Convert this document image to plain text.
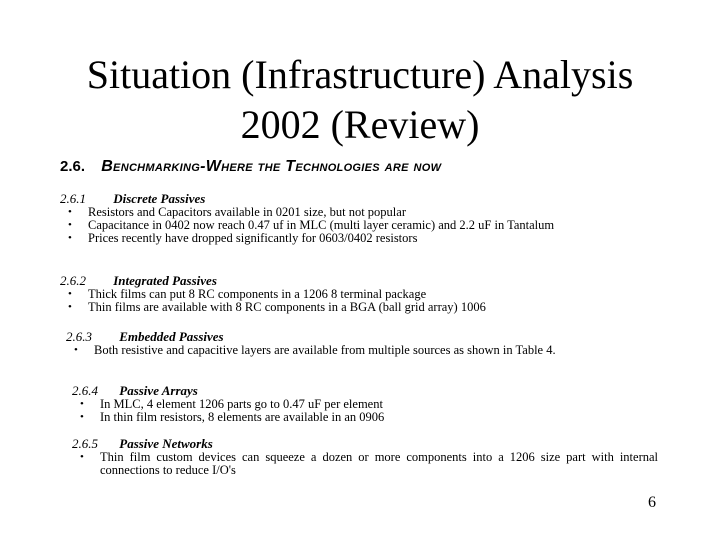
Situation (Infrastructure) Analysis
2002 (Review)
2.6. Benchmarking-Where the Technologies are now
2.6.1 Discrete Passives
• Resistors and Capacitors available in 0201 size, but not popular
• Capacitance in 0402 now reach 0.47 uf in MLC (multi layer ceramic) and 2.2 uF in Tantalum
• Prices recently have dropped significantly for 0603/0402 resistors
2.6.2 Integrated Passives
• Thick films can put 8 RC components in a 1206 8 terminal package
• Thin films are available with 8 RC components in a BGA (ball grid array) 1006
2.6.3 Embedded Passives
• Both resistive and capacitive layers are available from multiple sources as shown in Table 4.
2.6.4 Passive Arrays
• In MLC, 4 element 1206 parts go to 0.47 uF per element
• In thin film resistors, 8 elements are available in an 0906
2.6.5 Passive Networks
• Thin film custom devices can squeeze a dozen or more components into a 1206 size part with internal connections to reduce I/O's
6
